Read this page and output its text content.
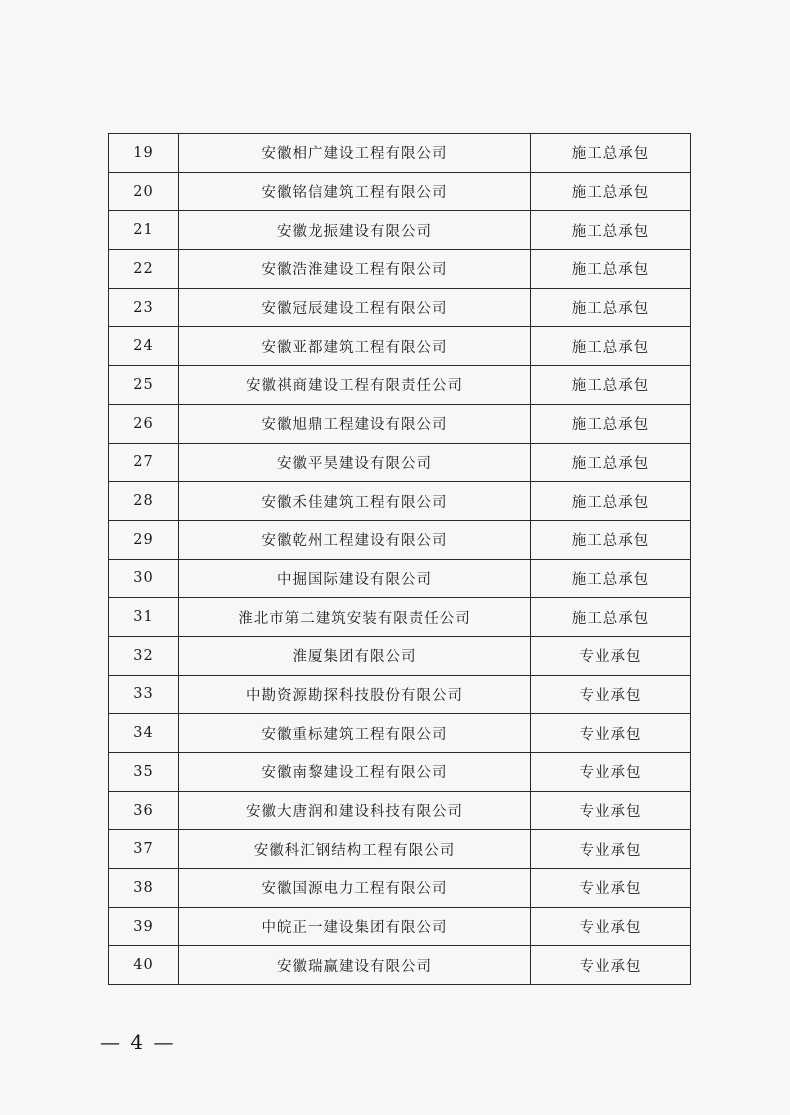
19	安徽相广建设工程有限公司	施工总承包
20	安徽铭信建筑工程有限公司	施工总承包
21	安徽龙振建设有限公司	施工总承包
22	安徽浩淮建设工程有限公司	施工总承包
23	安徽冠辰建设工程有限公司	施工总承包
24	安徽亚都建筑工程有限公司	施工总承包
25	安徽祺商建设工程有限责任公司	施工总承包
26	安徽旭鼎工程建设有限公司	施工总承包
27	安徽平昊建设有限公司	施工总承包
28	安徽禾佳建筑工程有限公司	施工总承包
29	安徽乾州工程建设有限公司	施工总承包
30	中掘国际建设有限公司	施工总承包
31	淮北市第二建筑安装有限责任公司	施工总承包
32	淮厦集团有限公司	专业承包
33	中勘资源勘探科技股份有限公司	专业承包
34	安徽重标建筑工程有限公司	专业承包
35	安徽南黎建设工程有限公司	专业承包
36	安徽大唐润和建设科技有限公司	专业承包
37	安徽科汇钢结构工程有限公司	专业承包
38	安徽国源电力工程有限公司	专业承包
39	中皖正一建设集团有限公司	专业承包
40	安徽瑞赢建设有限公司	专业承包
— 4 —
